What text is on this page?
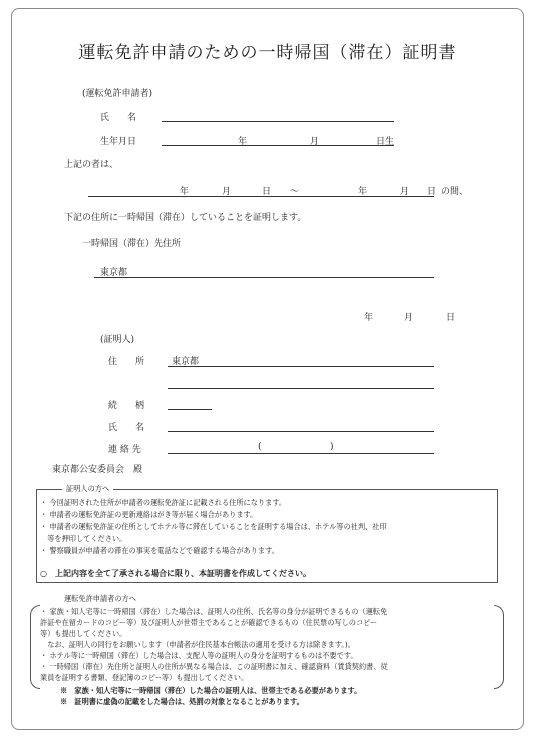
運転免許申請のための一時帰国（滞在）証明書
(運転免許申請者)
氏　　名
生年月日	年	月	日生
上記の者は、
年	月	日 ～	年	月 日 の間、
下記の住所に一時帰国（滞在）していることを証明します。
一時帰国（滞在）先住所
東京都
年	月	日
(証明人)
住　　所	東京都
続　　柄
氏　　名
連 絡 先	(	)
東京都公安委員会　殿
証明人の方へ
・ 今回証明された住所が申請者の運転免許証に記載される住所になります。
・ 申請者の運転免許証の更新連絡はがき等が届く場合があります。
・ 申請者の運転免許証の住所としてホテル等に滞在していることを証明する場合は、ホテル等の社判、社印
　等を押印してください。
・ 警察職員が申請者の滞在の事実を電話などで確認する場合があります。
○　上記内容を全て了承される場合に限り、本証明書を作成してください。
運転免許申請者の方へ
・ 家族・知人宅等に一時帰国（滞在）した場合は、証明人の住所、氏名等の身分が証明できるもの（運転免
許証や在留カードのコピー等）及び証明人が世帯主であることが確認できるもの（住民票の写しのコピー
等）も提出してください。
　なお、証明人の同行をお願いします（申請者が住民基本台帳法の適用を受ける方は除きます。)。
・ ホテル等に一時帰国（滞在）した場合は、支配人等の証明人の身分を証明するものは不要です。
・ 一時帰国（滞在）先住所と証明人の住所が異なる場合は、この証明書に加え、確認資料（賃貸契約書、従
業員を証明する書類、登記簿のコピー等）も提出してください。
※　家族・知人宅等に一時帰国（滞在）した場合の証明人は、世帯主である必要があります。
※　証明書に虚偽の記載をした場合は、処罰の対象となることがあります。
